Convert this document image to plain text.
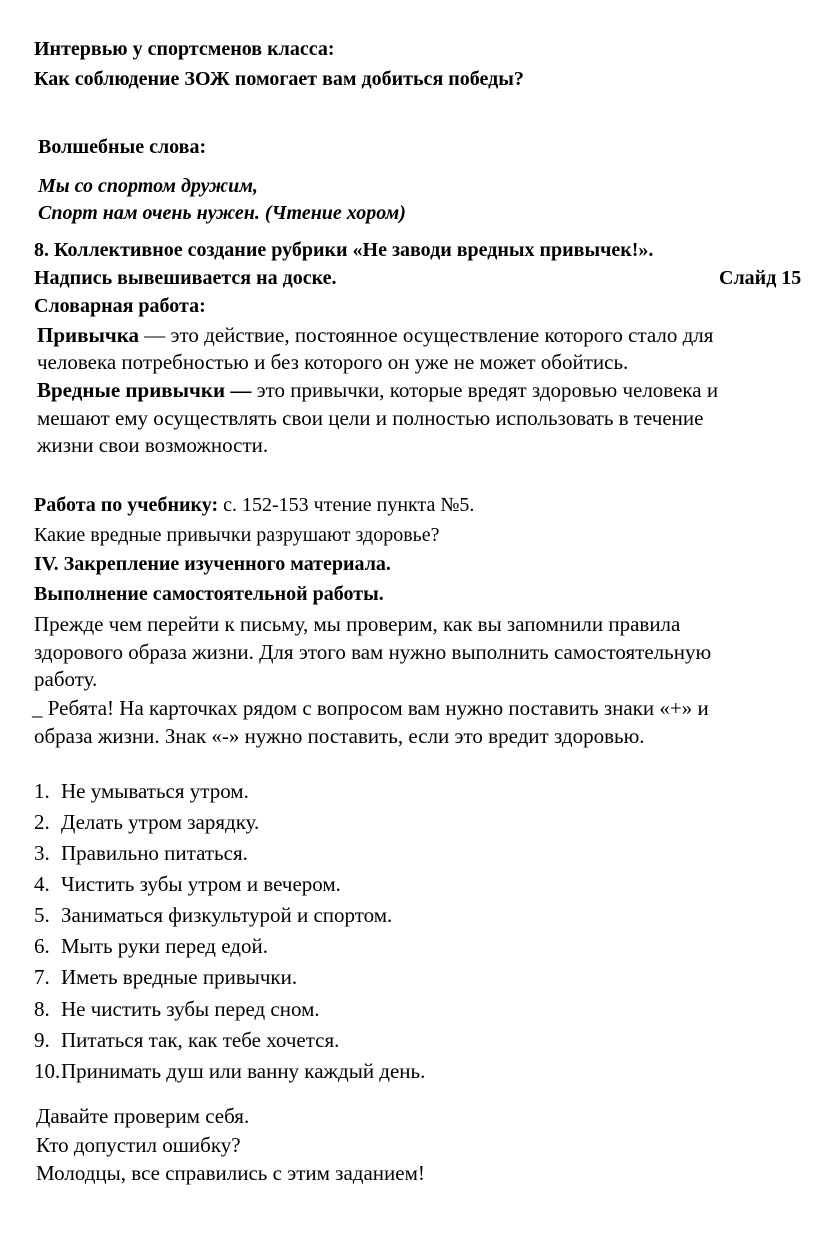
Интервью у спортсменов класса:
Как соблюдение ЗОЖ помогает вам добиться победы?
Волшебные слова:
Мы со спортом дружим,
Спорт нам очень нужен. (Чтение хором)
8. Коллективное создание рубрики «Не заводи вредных привычек!».
Надпись вывешивается на доске.	Слайд 15
Словарная работа:
Привычка — это действие, постоянное осуществление которого стало для
человека потребностью и без которого он уже не может обойтись.
Вредные привычки — это привычки, которые вредят здоровью человека и
мешают ему осуществлять свои цели и полностью использовать в течение
жизни свои возможности.
Работа по учебнику: с. 152-153 чтение пункта №5.
Какие вредные привычки разрушают здоровье?
IV. Закрепление изученного материала.
Выполнение самостоятельной работы.
Прежде чем перейти к письму, мы проверим, как вы запомнили правила
здорового образа жизни. Для этого вам нужно выполнить самостоятельную
работу.
_ Ребята! На карточках рядом с вопросом вам нужно поставить знаки «+» и
образа жизни. Знак «-» нужно поставить, если это вредит здоровью.
1. Не умываться утром.
2. Делать утром зарядку.
3. Правильно питаться.
4. Чистить зубы утром и вечером.
5. Заниматься физкультурой и спортом.
6. Мыть руки перед едой.
7. Иметь вредные привычки.
8. Не чистить зубы перед сном.
9. Питаться так, как тебе хочется.
10.Принимать душ или ванну каждый день.
Давайте проверим себя.
Кто допустил ошибку?
Молодцы, все справились с этим заданием!
